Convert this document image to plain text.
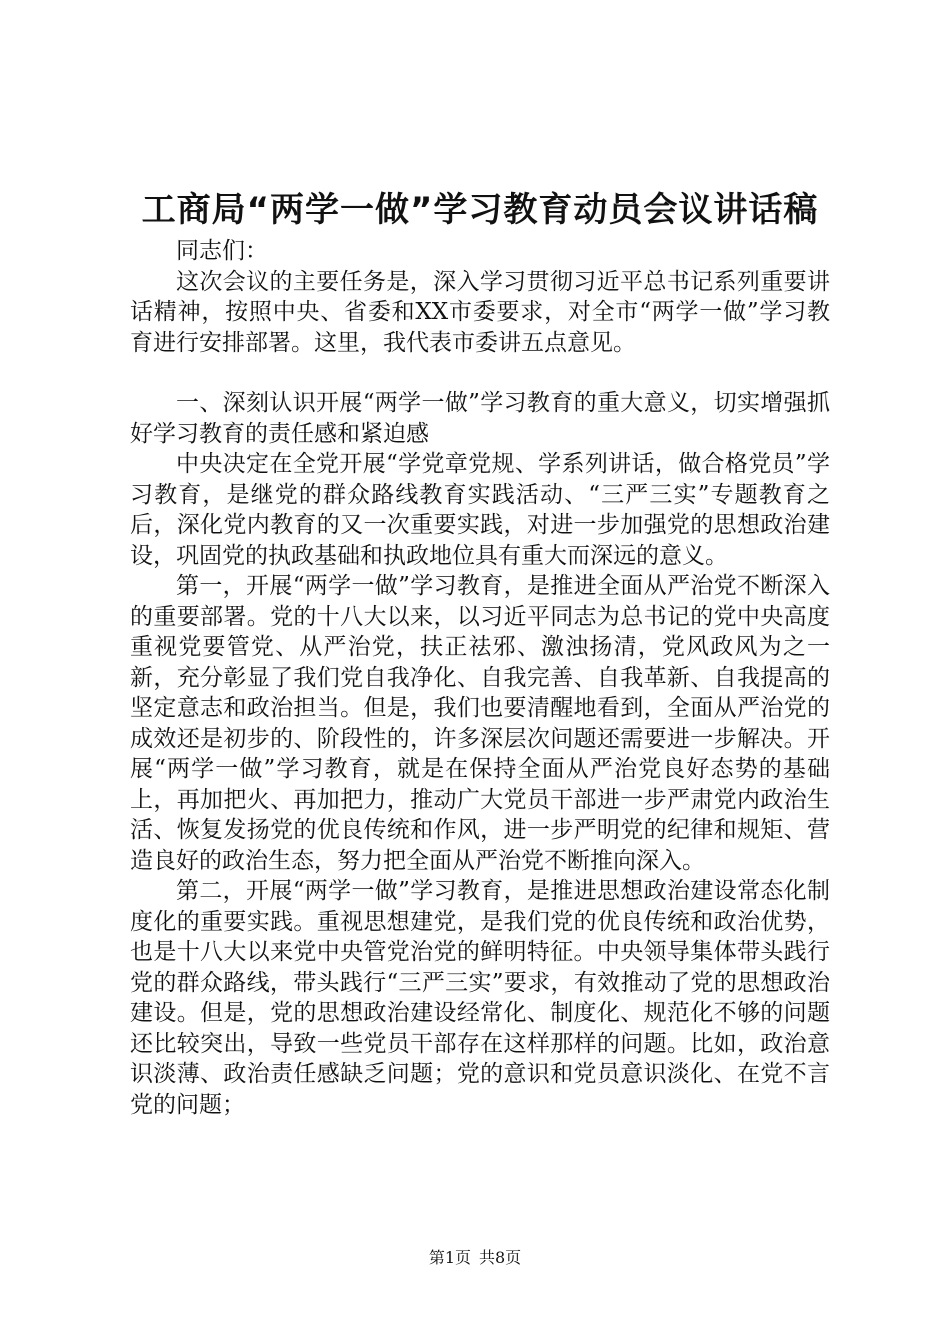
工商局“两学一做”学习教育动员会议讲话稿

同志们：

这次会议的主要任务是，深入学习贯彻习近平总书记系列重要讲话精神，按照中央、省委和XX市委要求，对全市“两学一做”学习教育进行安排部署。这里，我代表市委讲五点意见。

一、深刻认识开展“两学一做”学习教育的重大意义，切实增强抓好学习教育的责任感和紧迫感

中央决定在全党开展“学党章党规、学系列讲话，做合格党员”学习教育，是继党的群众路线教育实践活动、“三严三实”专题教育之后，深化党内教育的又一次重要实践，对进一步加强党的思想政治建设，巩固党的执政基础和执政地位具有重大而深远的意义。

第一，开展“两学一做”学习教育，是推进全面从严治党不断深入的重要部署。党的十八大以来，以习近平同志为总书记的党中央高度重视党要管党、从严治党，扶正祛邪、激浊扬清，党风政风为之一新，充分彰显了我们党自我净化、自我完善、自我革新、自我提高的坚定意志和政治担当。但是，我们也要清醒地看到，全面从严治党的成效还是初步的、阶段性的，许多深层次问题还需要进一步解决。开展“两学一做”学习教育，就是在保持全面从严治党良好态势的基础上，再加把火、再加把力，推动广大党员干部进一步严肃党内政治生活、恢复发扬党的优良传统和作风，进一步严明党的纪律和规矩、营造良好的政治生态，努力把全面从严治党不断推向深入。

第二，开展“两学一做”学习教育，是推进思想政治建设常态化制度化的重要实践。重视思想建党，是我们党的优良传统和政治优势，也是十八大以来党中央管党治党的鲜明特征。中央领导集体带头践行党的群众路线，带头践行“三严三实”要求，有效推动了党的思想政治建设。但是，党的思想政治建设经常化、制度化、规范化不够的问题还比较突出，导致一些党员干部存在这样那样的问题。比如，政治意识淡薄、政治责任感缺乏问题；党的意识和党员意识淡化、在党不言党的问题；

第1页 共8页
